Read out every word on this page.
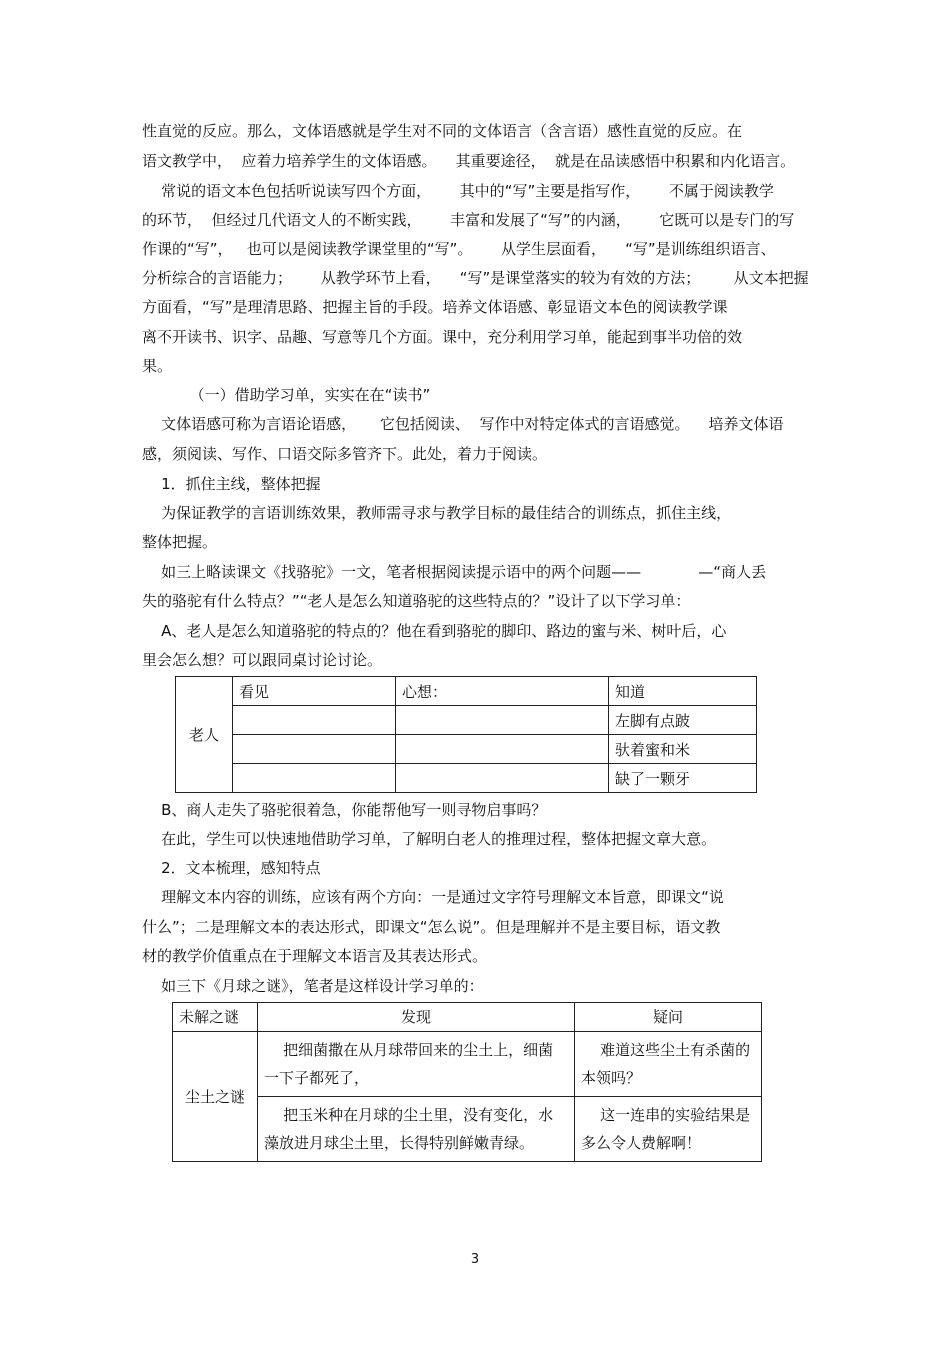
性直觉的反应。那么，文体语感就是学生对不同的文体语言（含言语）感性直觉的反应。在
语文教学中，  应着力培养学生的文体语感。    其重要途径，  就是在品读感悟中积累和内化语言。
常说的语文本色包括听说读写四个方面，      其中的“写”主要是指写作，      不属于阅读教学
的环节，  但经过几代语文人的不断实践，      丰富和发展了“写”的内涵，      它既可以是专门的写
作课的“写”，   也可以是阅读教学课堂里的“写”。      从学生层面看，    “写”是训练组织语言、
分析综合的言语能力；      从教学环节上看，    “写”是课堂落实的较为有效的方法；       从文本把握
方面看，“写”是理清思路、把握主旨的手段。培养文体语感、彰显语文本色的阅读教学课
离不开读书、识字、品趣、写意等几个方面。课中，充分利用学习单，能起到事半功倍的效
果。
（一）借助学习单，实实在在“读书”
文体语感可称为言语论语感，     它包括阅读、  写作中对特定体式的言语感觉。    培养文体语
感，须阅读、写作、口语交际多管齐下。此处，着力于阅读。
1．抓住主线，整体把握
为保证教学的言语训练效果，教师需寻求与教学目标的最佳结合的训练点，抓住主线，
整体把握。
如三上略读课文《找骆驼》一文，笔者根据阅读提示语中的两个问题——            —“商人丢
失的骆驼有什么特点？”“老人是怎么知道骆驼的这些特点的？”设计了以下学习单：
A、老人是怎么知道骆驼的特点的？他在看到骆驼的脚印、路边的蜜与米、树叶后，心
里会怎么想？可以跟同桌讨论讨论。
B、商人走失了骆驼很着急，你能帮他写一则寻物启事吗？
在此，学生可以快速地借助学习单，了解明白老人的推理过程，整体把握文章大意。
2．文本梳理，感知特点
理解文本内容的训练，应该有两个方向：一是通过文字符号理解文本旨意，即课文“说
什么”；二是理解文本的表达形式，即课文“怎么说”。但是理解并不是主要目标，语文教
材的教学价值重点在于理解文本语言及其表达形式。
如三下《月球之谜》，笔者是这样设计学习单的：
老人	看见	心想：	知道
			左脚有点跛
			驮着蜜和米
			缺了一颗牙
未解之谜	发现	疑问
尘土之谜	把细菌撒在从月球带回来的尘土上，细菌一下子都死了，	难道这些尘土有杀菌的本领吗？
	把玉米种在月球的尘土里，没有变化，水藻放进月球尘土里，长得特别鲜嫩青绿。	这一连串的实验结果是多么令人费解啊！
3
